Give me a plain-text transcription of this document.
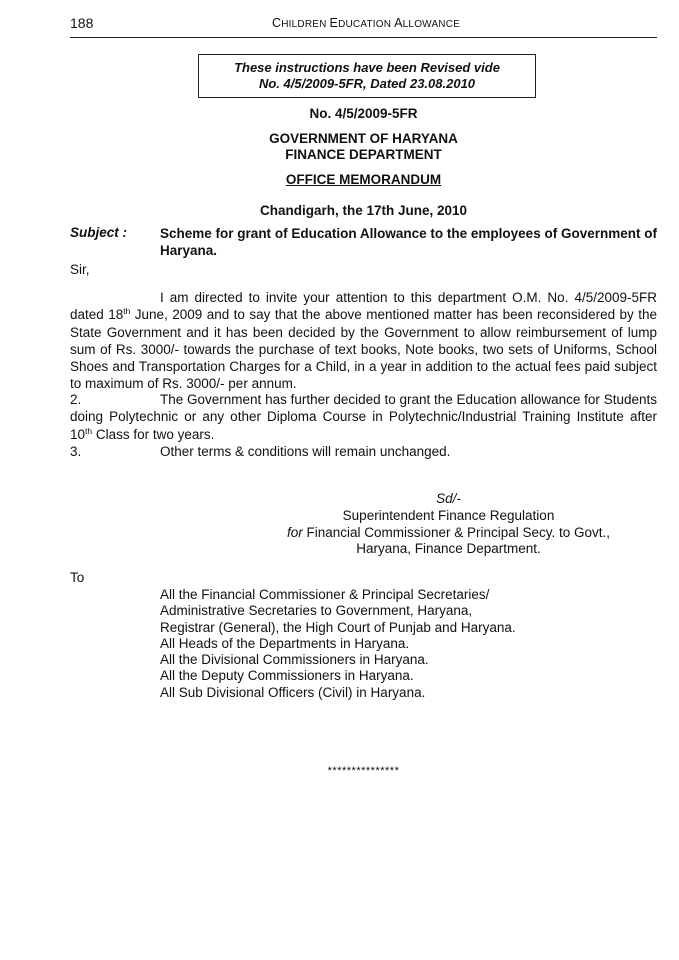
188	CHILDREN EDUCATION ALLOWANCE
These instructions have been Revised vide
No. 4/5/2009-5FR, Dated 23.08.2010
No. 4/5/2009-5FR
GOVERNMENT OF HARYANA
FINANCE DEPARTMENT
OFFICE MEMORANDUM
Chandigarh, the 17th June, 2010
Subject : Scheme for grant of Education Allowance to the employees of Government of Haryana.
Sir,
I am directed to invite your attention to this department O.M. No. 4/5/2009-5FR dated 18th June, 2009 and to say that the above mentioned matter has been reconsidered by the State Government and it has been decided by the Government to allow reimbursement of lump sum of Rs. 3000/- towards the purchase of text books, Note books, two sets of Uniforms, School Shoes and Transportation Charges for a Child, in a year in addition to the actual fees paid subject to maximum of Rs. 3000/- per annum.
2.	The Government has further decided to grant the Education allowance for Students doing Polytechnic or any other Diploma Course in Polytechnic/Industrial Training Institute after 10th Class for two years.
3.	Other terms & conditions will remain unchanged.
Sd/-
Superintendent Finance Regulation
for Financial Commissioner & Principal Secy. to Govt.,
Haryana, Finance Department.
To
All the Financial Commissioner & Principal Secretaries/
Administrative Secretaries to Government, Haryana,
Registrar (General), the High Court of Punjab and Haryana.
All Heads of the Departments in Haryana.
All the Divisional Commissioners in Haryana.
All the Deputy Commissioners in Haryana.
All Sub Divisional Officers (Civil) in Haryana.
***************
